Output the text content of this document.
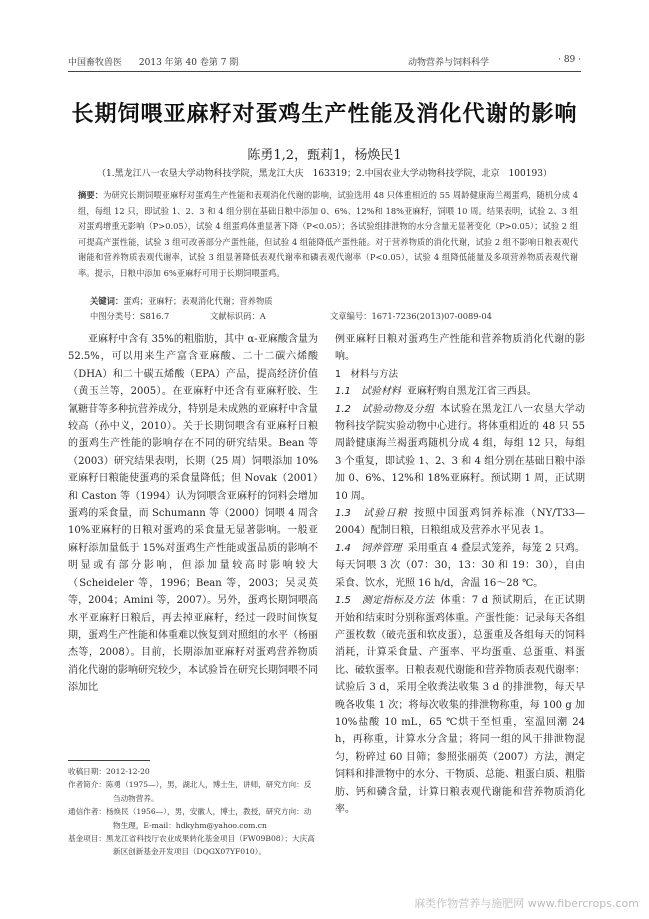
中国畜牧兽医 2013 年第 40 卷第 7 期	动物营养与饲料科学	· 89 ·
长期饲喂亚麻籽对蛋鸡生产性能及消化代谢的影响
陈勇1,2，甄莉1，杨焕民1
（1.黑龙江八一农垦大学动物科技学院，黑龙江大庆　163319；2.中国农业大学动物科技学院，北京　100193）
摘要：为研究长期饲喂亚麻籽对蛋鸡生产性能和表观消化代谢的影响，试验选用 48 只体重相近的 55 周龄健康海兰褐蛋鸡，随机分成 4 组，每组 12 只，即试验 1、2、3 和 4 组分别在基础日粮中添加 0、6%、12%和 18%亚麻籽，饲喂 10 周。结果表明，试验 2、3 组对蛋鸡增重无影响（P>0.05），试验 4 组蛋鸡体重显著下降（P<0.05）；各试验组排泄物的水分含量无显著变化（P>0.05）；试验 2 组可提高产蛋性能，试验 3 组可改善部分产蛋性能，但试验 4 组能降低产蛋性能。对于营养物质的消化代谢，试验 2 组不影响日粮表观代谢能和营养物质表观代谢率，试验 3 组显著降低表观代谢率和磷表观代谢率（P<0.05），试验 4 组降低能量及多项营养物质表观代谢率。提示，日粮中添加 6%亚麻籽可用于长期饲喂蛋鸡。
关键词：蛋鸡；亚麻籽；表观消化代谢；营养物质
中图分类号：S816.7	文献标识码：A	文章编号：1671-7236(2013)07-0089-04

亚麻籽中含有 35%的粗脂肪，其中 α-亚麻酸含量为 52.5%，可以用来生产富含亚麻酸、二十二碳六烯酸（DHA）和二十碳五烯酸（EPA）产品，提高经济价值（黄玉兰等，2005）。在亚麻籽中还含有亚麻籽胶、生氰糖苷等多种抗营养成分，特别是未成熟的亚麻籽中含量较高（孙中义，2010）。关于长期饲喂含有亚麻籽日粮的蛋鸡生产性能的影响存在不同的研究结果。Bean 等（2003）研究结果表明，长期（25 周）饲喂添加 10%亚麻籽日粮能使蛋鸡的采食量降低；但 Novak（2001）和 Caston 等（1994）认为饲喂含亚麻籽的饲料会增加蛋鸡的采食量，而 Schumann 等（2000）饲喂 4 周含 10%亚麻籽的日粮对蛋鸡的采食量无显著影响。一般亚麻籽添加量低于 15%对蛋鸡生产性能或蛋品质的影响不明显或有部分影响，但添加量较高时影响较大（Scheideler 等，1996；Bean 等，2003；吴灵英等，2004；Amini 等，2007）。另外，蛋鸡长期饲喂高水平亚麻籽日粮后，再去掉亚麻籽，经过一段时间恢复期，蛋鸡生产性能和体重难以恢复到对照组的水平（杨丽杰等，2008）。目前，长期添加亚麻籽对蛋鸡营养物质消化代谢的影响研究较少，本试验旨在研究长期饲喂不同添加比

例亚麻籽日粮对蛋鸡生产性能和营养物质消化代谢的影响。

1　材料与方法

1.1　试验材料 亚麻籽购自黑龙江省三西县。

1.2　试验动物及分组 本试验在黑龙江八一农垦大学动物科技学院实验动物中心进行。将体重相近的 48 只 55 周龄健康海兰褐蛋鸡随机分成 4 组，每组 12 只，每组 3 个重复，即试验 1、2、3 和 4 组分别在基础日粮中添加 0、6%、12%和 18%亚麻籽。预试期 1 周，正试期 10 周。

1.3　试验日粮 按照中国蛋鸡饲养标准（NY/T33—2004）配制日粮，日粮组成及营养水平见表 1。

1.4　饲养管理 采用重直 4 叠层式笼养，每笼 2 只鸡。每天饲喂 3 次（07：30，13：30 和 19：30），自由采食、饮水，光照 16 h/d，舍温 16～28 ℃。

1.5　测定指标及方法 体重：7 d 预试期后，在正试期开始和结束时分别称蛋鸡体重。产蛋性能：记录每天各组产蛋枚数（破壳蛋和软皮蛋），总蛋重及各组每天的饲料消耗，计算采食量、产蛋率、平均蛋重、总蛋重、料蛋比、破软蛋率。日粮表观代谢能和营养物质表观代谢率：试验后 3 d，采用全收粪法收集 3 d 的排泄物，每天早晚各收集 1 次；将每次收集的排泄物称重，每 100 g 加 10%盐酸 10 mL，65 ℃烘干至恒重，室温回潮 24 h，再称重，计算水分含量；将同一组的风干排泄物混匀，粉碎过 60 目筛；参照张丽英（2007）方法，测定饲料和排泄物中的水分、干物质、总能、粗蛋白质、粗脂肪、钙和磷含量，计算日粮表观代谢能和营养物质消化率。

收稿日期：2012-12-20
作者简介：陈勇（1975—），男，湖北人，博士生，讲师，研究方向：反刍动物营养。
通信作者：杨焕民（1956—），男，安徽人，博士，教授，研究方向：动物生理，E-mail：hdkyhm@yahoo.com.cn
基金项目：黑龙江省科技厅农业成果转化基金项目（FW09B08）；大庆高新区创新基金开发项目（DQGX07YF010）。
麻类作物营养与施肥网 www.fibercrops.com
